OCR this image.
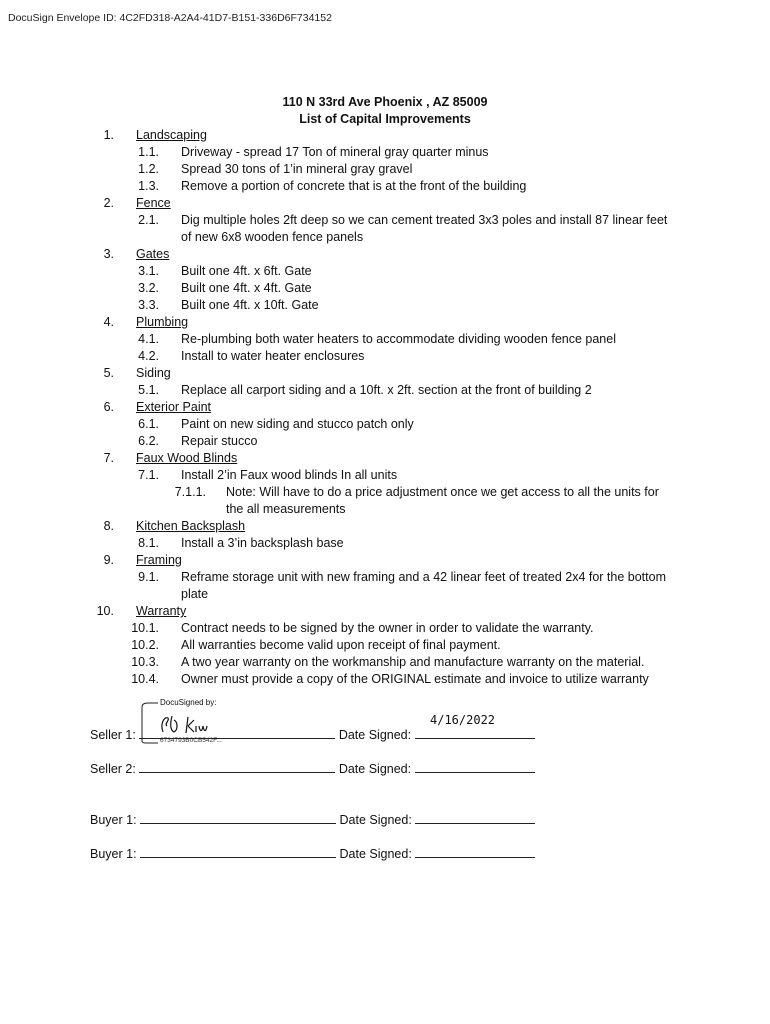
DocuSign Envelope ID: 4C2FD318-A2A4-41D7-B151-336D6F734152
110 N 33rd Ave Phoenix , AZ 85009
List of Capital Improvements
1. Landscaping
1.1. Driveway - spread 17 Ton of mineral gray quarter minus
1.2. Spread 30 tons of 1’in mineral gray gravel
1.3. Remove a portion of concrete that is at the front of the building
2. Fence
2.1. Dig multiple holes 2ft deep so we can cement treated 3x3 poles and install 87 linear feet
of new 6x8 wooden fence panels
3. Gates
3.1. Built one 4ft. x 6ft. Gate
3.2. Built one 4ft. x 4ft. Gate
3.3. Built one 4ft. x 10ft. Gate
4. Plumbing
4.1. Re-plumbing both water heaters to accommodate dividing wooden fence panel
4.2. Install to water heater enclosures
5. Siding
5.1. Replace all carport siding and a 10ft. x 2ft. section at the front of building 2
6. Exterior Paint
6.1. Paint on new siding and stucco patch only
6.2. Repair stucco
7. Faux Wood Blinds
7.1. Install 2’in Faux wood blinds In all units
7.1.1. Note: Will have to do a price adjustment once we get access to all the units for
the all measurements
8. Kitchen Backsplash
8.1. Install a 3’in backsplash base
9. Framing
9.1. Reframe storage unit with new framing and a 42 linear feet of treated 2x4 for the bottom
plate
10. Warranty
10.1. Contract needs to be signed by the owner in order to validate the warranty.
10.2. All warranties become valid upon receipt of final payment.
10.3. A two year warranty on the workmanship and manufacture warranty on the material.
10.4. Owner must provide a copy of the ORIGINAL estimate and invoice to utilize warranty
DocuSigned by:
6734793B0CB542F...
4/16/2022
Seller 1:	Date Signed:
Seller 2:	Date Signed:
Buyer 1:	Date Signed:
Buyer 1:	Date Signed:
